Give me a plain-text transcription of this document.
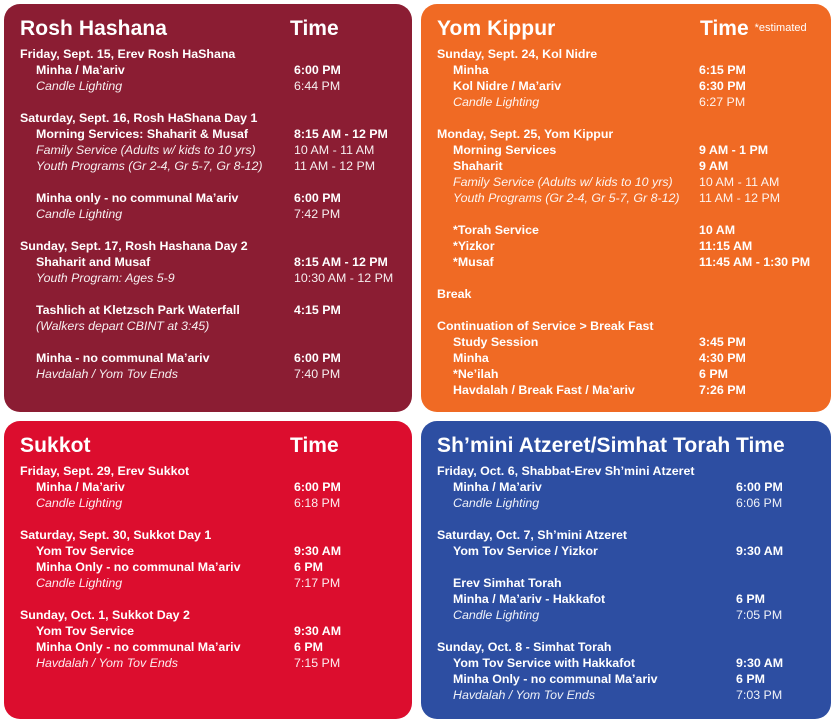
Rosh Hashana	Time
Friday, Sept. 15, Erev Rosh HaShana
Minha / Ma’ariv	6:00 PM
Candle Lighting	6:44 PM
Saturday, Sept. 16, Rosh HaShana Day 1
Morning Services: Shaharit & Musaf	8:15 AM - 12 PM
Family Service (Adults w/ kids to 10 yrs)	10 AM - 11 AM
Youth Programs (Gr 2-4, Gr 5-7, Gr 8-12)	11 AM - 12 PM
Minha only - no communal Ma’ariv	6:00 PM
Candle Lighting	7:42 PM
Sunday, Sept. 17, Rosh Hashana Day 2
Shaharit and Musaf	8:15 AM - 12 PM
Youth Program: Ages 5-9	10:30 AM - 12 PM
Tashlich at Kletzsch Park Waterfall	4:15 PM
(Walkers depart CBINT at 3:45)
Minha - no communal Ma’ariv	6:00 PM
Havdalah / Yom Tov Ends	7:40 PM
Yom Kippur	Time *estimated
Sunday, Sept. 24, Kol Nidre
Minha	6:15 PM
Kol Nidre / Ma’ariv	6:30 PM
Candle Lighting	6:27 PM
Monday, Sept. 25, Yom Kippur
Morning Services	9 AM - 1 PM
Shaharit	9 AM
Family Service (Adults w/ kids to 10 yrs) 10 AM - 11 AM
Youth Programs (Gr 2-4, Gr 5-7, Gr 8-12) 11 AM - 12 PM
*Torah Service	10 AM
*Yizkor	11:15 AM
*Musaf	11:45 AM - 1:30 PM
Break
Continuation of Service > Break Fast
Study Session	3:45 PM
Minha	4:30 PM
*Ne’ilah	6 PM
Havdalah / Break Fast / Ma’ariv	7:26 PM
Sukkot	Time
Friday, Sept. 29, Erev Sukkot
Minha / Ma’ariv	6:00 PM
Candle Lighting	6:18 PM
Saturday, Sept. 30, Sukkot Day 1
Yom Tov Service	9:30 AM
Minha Only - no communal Ma’ariv	6 PM
Candle Lighting	7:17 PM
Sunday, Oct. 1, Sukkot Day 2
Yom Tov Service	9:30 AM
Minha Only - no communal Ma’ariv	6 PM
Havdalah / Yom Tov Ends	7:15 PM
Sh’mini Atzeret/Simhat Torah Time
Friday, Oct. 6, Shabbat-Erev Sh’mini Atzeret
Minha / Ma’ariv	6:00 PM
Candle Lighting	6:06 PM
Saturday, Oct. 7, Sh’mini Atzeret
Yom Tov Service / Yizkor	9:30 AM
Erev Simhat Torah
Minha / Ma’ariv - Hakkafot	6 PM
Candle Lighting	7:05 PM
Sunday, Oct. 8 - Simhat Torah
Yom Tov Service with Hakkafot	9:30 AM
Minha Only - no communal Ma’ariv	6 PM
Havdalah / Yom Tov Ends	7:03 PM
